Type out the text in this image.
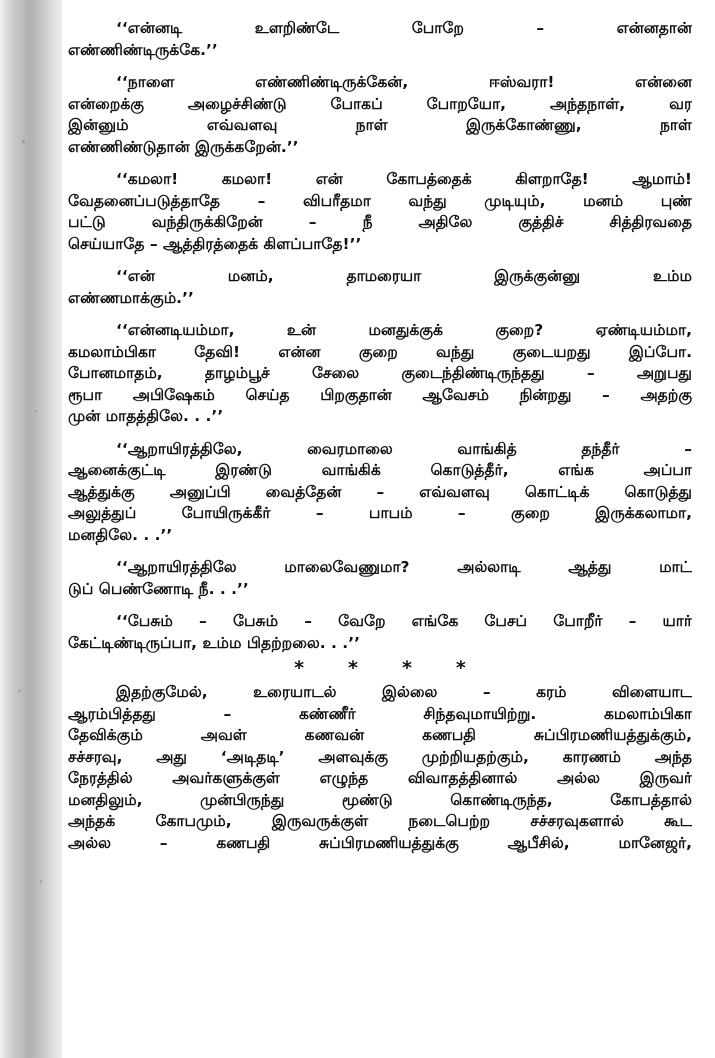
‘‘என்னடி உளறிண்டே போறே – என்னதான்
எண்ணிண்டிருக்கே.’’
‘‘நாளை எண்ணிண்டிருக்கேன், ஈஸ்வரா! என்னை
என்றைக்கு அழைச்சிண்டு போகப் போறயோ, அந்தநாள், வர
இன்னும் எவ்வளவு நாள் இருக்கோண்ணு, நாள்
எண்ணிண்டுதான் இருக்கறேன்.’’
‘‘கமலா! கமலா! என் கோபத்தைக் கிளறாதே! ஆமாம்!
வேதனைப்படுத்தாதே – விபரீதமா வந்து முடியும், மனம் புண்
பட்டு வந்திருக்கிறேன் – நீ அதிலே குத்திச் சித்திரவதை
செய்யாதே – ஆத்திரத்தைக் கிளப்பாதே!’’
‘‘என் மனம், தாமரையா இருக்குன்னு உம்ம
எண்ணமாக்கும்.’’
‘‘என்னடியம்மா, உன் மனதுக்குக் குறை? ஏண்டியம்மா,
கமலாம்பிகா தேவி! என்ன குறை வந்து குடையறது இப்போ.
போனமாதம், தாழம்பூச் சேலை குடைந்திண்டிருந்தது – அறுபது
ரூபா அபிஷேகம் செய்த பிறகுதான் ஆவேசம் நின்றது – அதற்கு
முன் மாதத்திலே. . .’’
‘‘ஆறாயிரத்திலே, வைரமாலை வாங்கித் தந்தீர் –
ஆனைக்குட்டி இரண்டு வாங்கிக் கொடுத்தீர், எங்க அப்பா
ஆத்துக்கு அனுப்பி வைத்தேன் – எவ்வளவு கொட்டிக் கொடுத்து
அலுத்துப் போயிருக்கீர் – பாபம் – குறை இருக்கலாமா,
மனதிலே. . .’’
‘‘ஆறாயிரத்திலே மாலைவேணுமா? அல்லாடி ஆத்து மாட்
டுப் பெண்ணோடி நீ. . .’’
‘‘பேசும் – பேசும் – வேறே எங்கே பேசப் போறீர் – யார்
கேட்டிண்டிருப்பா, உம்ம பிதற்றலை. . .’’
****
இதற்குமேல், உரையாடல் இல்லை – கரம் விளையாட
ஆரம்பித்தது – கண்ணீர் சிந்தவுமாயிற்று. கமலாம்பிகா
தேவிக்கும் அவள் கணவன் கணபதி சுப்பிரமணியத்துக்கும்,
சச்சரவு, அது ‘அடிதடி’ அளவுக்கு முற்றியதற்கும், காரணம் அந்த
நேரத்தில் அவர்களுக்குள் எழுந்த விவாதத்தினால் அல்ல இருவர்
மனதிலும், முன்பிருந்து மூண்டு கொண்டிருந்த, கோபத்தால்
அந்தக் கோபமும், இருவருக்குள் நடைபெற்ற சச்சரவுகளால் கூட
அல்ல – கணபதி சுப்பிரமணியத்துக்கு ஆபீசில், மானேஜர்,
